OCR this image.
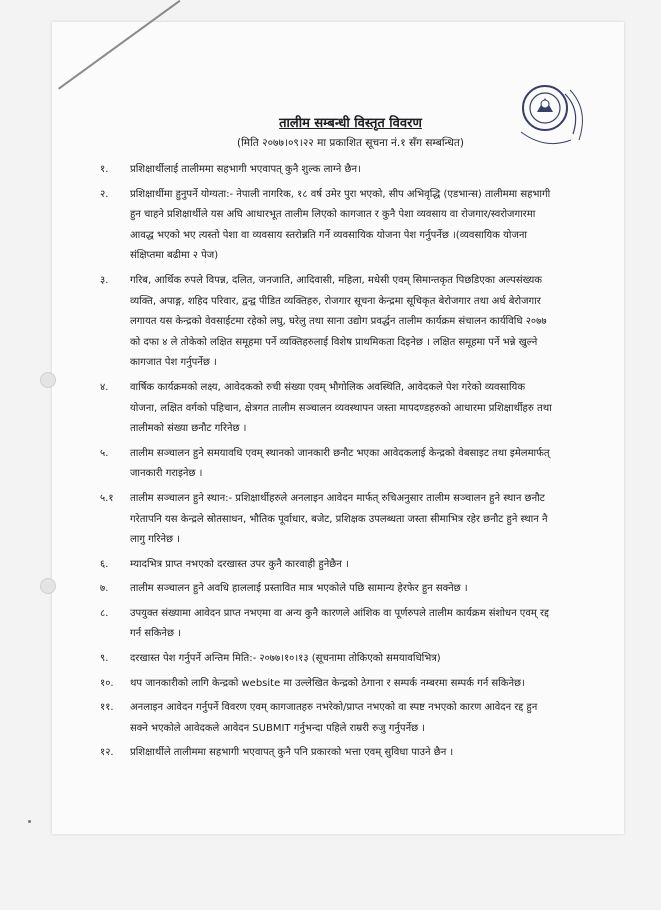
तालीम सम्बन्धी विस्तृत विवरण
(मिति २०७७।०९।२२ मा प्रकाशित सूचना नं.१ सँग सम्बन्धित)
१. प्रशिक्षार्थीलाई तालीममा सहभागी भएवापत् कुनै शुल्क लाग्ने छैन।
२. प्रशिक्षार्थीमा हुनुपर्ने योग्यता:- नेपाली नागरिक, १८ वर्ष उमेर पुरा भएको, सीप अभिवृद्धि (एडभान्स) तालीममा सहभागी हुन चाहने प्रशिक्षार्थीले यस अघि आधारभूत तालीम लिएको कागजात र कुनै पेशा व्यवसाय वा रोजगार/स्वरोजगारमा आवद्ध भएको भए त्यस्तो पेशा वा व्यवसाय स्तरोन्नति गर्ने व्यवसायिक योजना पेश गर्नुपर्नेछ ।(व्यवसायिक योजना संक्षिप्तमा बढीमा २ पेज)
३. गरिब, आर्थिक रुपले विपन्न, दलित, जनजाति, आदिवासी, महिला, मधेसी एवम् सिमान्तकृत पिछडिएका अल्पसंख्यक व्यक्ति, अपाङ्ग, शहिद परिवार, द्वन्द्व पीडित व्यक्तिहरु, रोजगार सूचना केन्द्रमा सूचिकृत बेरोजगार तथा अर्ध बेरोजगार लगायत यस केन्द्रको वेवसाईटमा रहेको लघु, घरेलु तथा साना उद्योग प्रवर्द्धन तालीम कार्यक्रम संचालन कार्यविधि २०७७ को दफा ४ ले तोकेको लक्षित समूहमा पर्ने व्यक्तिहरुलाई विशेष प्राथमिकता दिइनेछ । लक्षित समूहमा पर्ने भन्ने खुल्ने कागजात पेश गर्नुपर्नेछ ।
४. वार्षिक कार्यक्रमको लक्ष्य, आवेदकको रुची संख्या एवम् भौगोलिक अवस्थिति, आवेदकले पेश गरेको व्यवसायिक योजना, लक्षित वर्गको पहिचान, क्षेत्रगत तालीम सञ्चालन व्यवस्थापन जस्ता मापदण्डहरुको आधारमा प्रशिक्षार्थीहरु तथा तालीमको संख्या छनौट गरिनेछ ।
५. तालीम सञ्चालन हुने समयावधि एवम् स्थानको जानकारी छनौट भएका आवेदकलाई केन्द्रको वेबसाइट तथा इमेलमार्फत् जानकारी गराइनेछ ।
५.१ तालीम सञ्चालन हुने स्थान:- प्रशिक्षार्थीहरुले अनलाइन आवेदन मार्फत् रुचिअनुसार तालीम सञ्चालन हुने स्थान छनौट गरेतापनि यस केन्द्रले स्रोतसाधन, भौतिक पूर्वाधार, बजेट, प्रशिक्षक उपलब्धता जस्ता सीमाभित्र रहेर छनौट हुने स्थान नै लागु गरिनेछ ।
६. म्यादभित्र प्राप्त नभएको दरखास्त उपर कुनै कारवाही हुनेछैन ।
७. तालीम सञ्चालन हुने अवधि हाललाई प्रस्तावित मात्र भएकोले पछि सामान्य हेरफेर हुन सक्नेछ ।
८. उपयुक्त संख्यामा आवेदन प्राप्त नभएमा वा अन्य कुनै कारणले आंशिक वा पूर्णरुपले तालीम कार्यक्रम संशोधन एवम् रद्द गर्न सकिनेछ ।
९. दरखास्त पेश गर्नुपर्ने अन्तिम मिति:- २०७७।१०।१३ (सूचनामा तोकिएको समयावधिभित्र)
१०. थप जानकारीको लागि केन्द्रको website मा उल्लेखित केन्द्रको ठेगाना र सम्पर्क नम्बरमा सम्पर्क गर्न सकिनेछ।
११. अनलाइन आवेदन गर्नुपर्ने विवरण एवम् कागजातहरु नभरेको/प्राप्त नभएको वा स्पष्ट नभएको कारण आवेदन रद्द हुन सक्ने भएकोले आवेदकले आवेदन SUBMIT गर्नुभन्दा पहिले राम्ररी रुजु गर्नुपर्नेछ ।
१२. प्रशिक्षार्थीले तालीममा सहभागी भएवापत् कुनै पनि प्रकारको भत्ता एवम् सुविधा पाउने छैन ।
